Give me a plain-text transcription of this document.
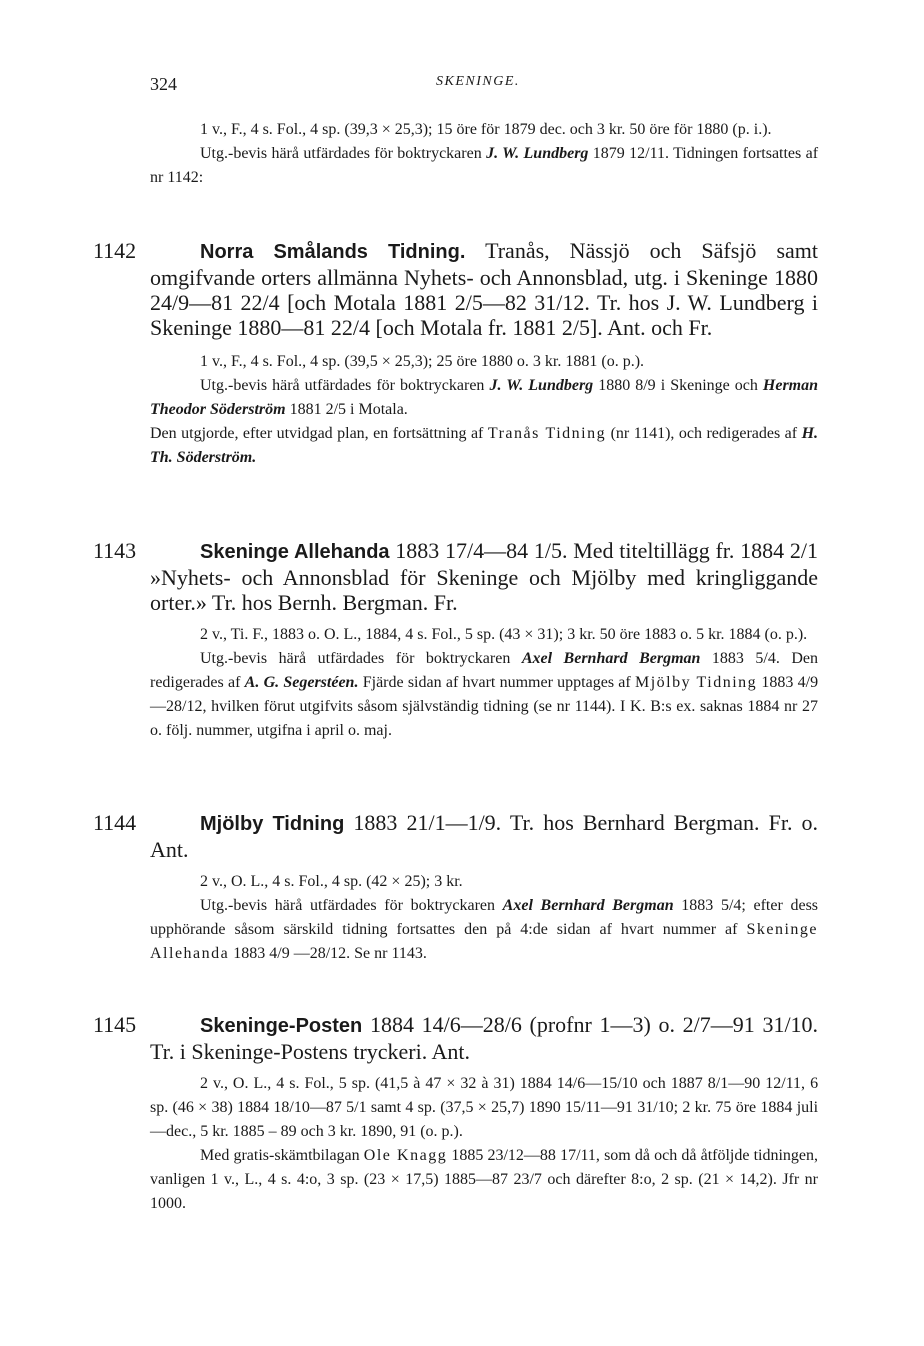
324	SKENINGE.

1 v., F., 4 s. Fol., 4 sp. (39,3 × 25,3); 15 öre för 1879 dec. och 3 kr. 50 öre för 1880 (p. i.).

Utg.-bevis härå utfärdades för boktryckaren J. W. Lundberg 1879 12/11. Tidningen fortsattes af nr 1142:

1142	Norra Smålands Tidning. Tranås, Nässjö och Säfsjö samt omgifvande orters allmänna Nyhets- och Annonsblad, utg. i Skeninge 1880 24/9—81 22/4 [och Motala 1881 2/5—82 31/12. Tr. hos J. W. Lundberg i Skeninge 1880—81 22/4 [och Motala fr. 1881 2/5]. Ant. och Fr.

1 v., F., 4 s. Fol., 4 sp. (39,5 × 25,3); 25 öre 1880 o. 3 kr. 1881 (o. p.).

Utg.-bevis härå utfärdades för boktryckaren J. W. Lundberg 1880 8/9 i Skeninge och Herman Theodor Söderström 1881 2/5 i Motala.

Den utgjorde, efter utvidgad plan, en fortsättning af Tranås Tidning (nr 1141), och redigerades af H. Th. Söderström.

1143	Skeninge Allehanda 1883 17/4—84 1/5. Med titeltillägg fr. 1884 2/1 »Nyhets- och Annonsblad för Skeninge och Mjölby med kringliggande orter.» Tr. hos Bernh. Bergman. Fr.

2 v., Ti. F., 1883 o. O. L., 1884, 4 s. Fol., 5 sp. (43 × 31); 3 kr. 50 öre 1883 o. 5 kr. 1884 (o. p.).

Utg.-bevis härå utfärdades för boktryckaren Axel Bernhard Bergman 1883 5/4. Den redigerades af A. G. Segerstéen. Fjärde sidan af hvart nummer upptages af Mjölby Tidning 1883 4/9—28/12, hvilken förut utgifvits såsom självständig tidning (se nr 1144). I K. B:s ex. saknas 1884 nr 27 o. följ. nummer, utgifna i april o. maj.

1144	Mjölby Tidning 1883 21/1—1/9. Tr. hos Bernhard Bergman. Fr. o. Ant.

2 v., O. L., 4 s. Fol., 4 sp. (42 × 25); 3 kr.

Utg.-bevis härå utfärdades för boktryckaren Axel Bernhard Bergman 1883 5/4; efter dess upphörande såsom särskild tidning fortsattes den på 4:de sidan af hvart nummer af Skeninge Allehanda 1883 4/9 —28/12. Se nr 1143.

1145	Skeninge-Posten 1884 14/6—28/6 (profnr 1—3) o. 2/7—91 31/10. Tr. i Skeninge-Postens tryckeri. Ant.

2 v., O. L., 4 s. Fol., 5 sp. (41,5 à 47 × 32 à 31) 1884 14/6—15/10 och 1887 8/1—90 12/11, 6 sp. (46 × 38) 1884 18/10—87 5/1 samt 4 sp. (37,5 × 25,7) 1890 15/11—91 31/10; 2 kr. 75 öre 1884 juli—dec., 5 kr. 1885 – 89 och 3 kr. 1890, 91 (o. p.).

Med gratis-skämtbilagan Ole Knagg 1885 23/12—88 17/11, som då och då åtföljde tidningen, vanligen 1 v., L., 4 s. 4:o, 3 sp. (23 × 17,5) 1885—87 23/7 och därefter 8:o, 2 sp. (21 × 14,2). Jfr nr 1000.
